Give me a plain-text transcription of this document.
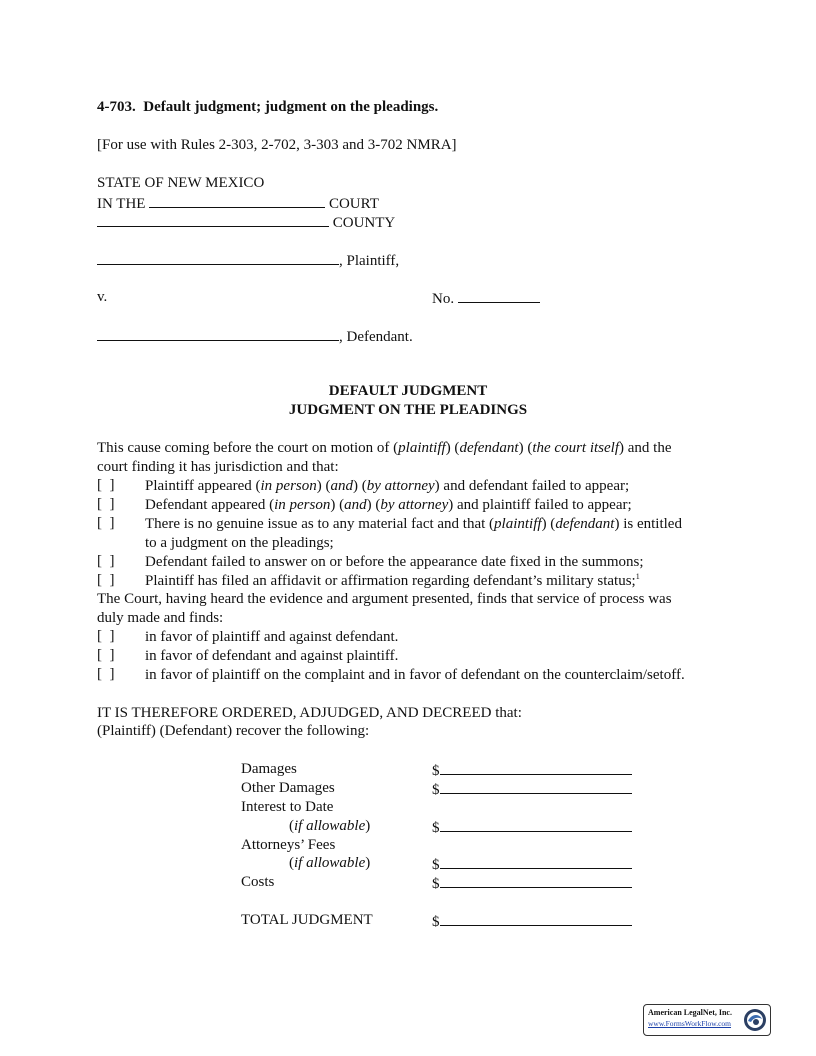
4-703.  Default judgment; judgment on the pleadings.
[For use with Rules 2-303, 2-702, 3-303 and 3-702 NMRA]
STATE OF NEW MEXICO
IN THE	COURT
COUNTY
, Plaintiff,
v.	No.
, Defendant.
DEFAULT JUDGMENT
JUDGMENT ON THE PLEADINGS
This cause coming before the court on motion of (plaintiff) (defendant) (the court itself) and the
court finding it has jurisdiction and that:
[  ] Plaintiff appeared (in person) (and) (by attorney) and defendant failed to appear;
[  ] Defendant appeared (in person) (and) (by attorney) and plaintiff failed to appear;
[  ] There is no genuine issue as to any material fact and that (plaintiff) (defendant) is entitled
to a judgment on the pleadings;
[  ] Defendant failed to answer on or before the appearance date fixed in the summons;
[  ] Plaintiff has filed an affidavit or affirmation regarding defendant’s military status;$^1$
The Court, having heard the evidence and argument presented, finds that service of process was
duly made and finds:
[  ] in favor of plaintiff and against defendant.
[  ] in favor of defendant and against plaintiff.
[  ] in favor of plaintiff on the complaint and in favor of defendant on the counterclaim/setoff.
IT IS THEREFORE ORDERED, ADJUDGED, AND DECREED that:
(Plaintiff) (Defendant) recover the following:
Damages	$
Other Damages	$
Interest to Date
(if allowable)	$
Attorneys’ Fees
(if allowable)	$
Costs	$
TOTAL JUDGMENT	$
American LegalNet, Inc.
www.FormsWorkFlow.com
